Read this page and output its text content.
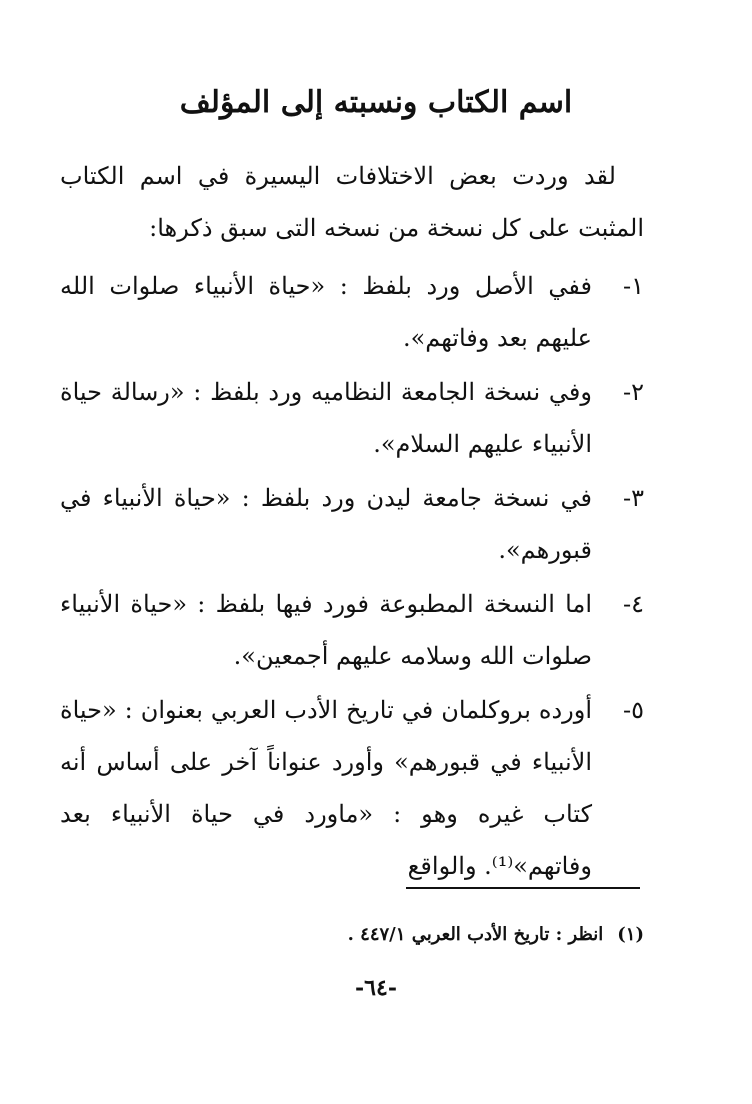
اسم الكتاب ونسبته إلى المؤلف

لقد وردت بعض الاختلافات اليسيرة في اسم الكتاب المثبت على كل نسخة من نسخه التى سبق ذكرها:

١-
ففي الأصل ورد بلفظ : «حياة الأنبياء صلوات الله عليهم بعد وفاتهم».
٢-
وفي نسخة الجامعة النظاميه ورد بلفظ : «رسالة حياة الأنبياء عليهم السلام».
٣-
في نسخة جامعة ليدن ورد بلفظ : «حياة الأنبياء في قبورهم».
٤-
اما النسخة المطبوعة فورد فيها بلفظ : «حياة الأنبياء صلوات الله وسلامه عليهم أجمعين».
٥-
أورده بروكلمان في تاريخ الأدب العربي بعنوان : «حياة الأنبياء في قبورهم» وأورد عنواناً آخر على أساس أنه كتاب غيره وهو : «ماورد في حياة الأنبياء بعد وفاتهم»⁽¹⁾. والواقع
(١)انظر : تاريخ الأدب العربي ٤٤٧/١ .
-٦٤-
